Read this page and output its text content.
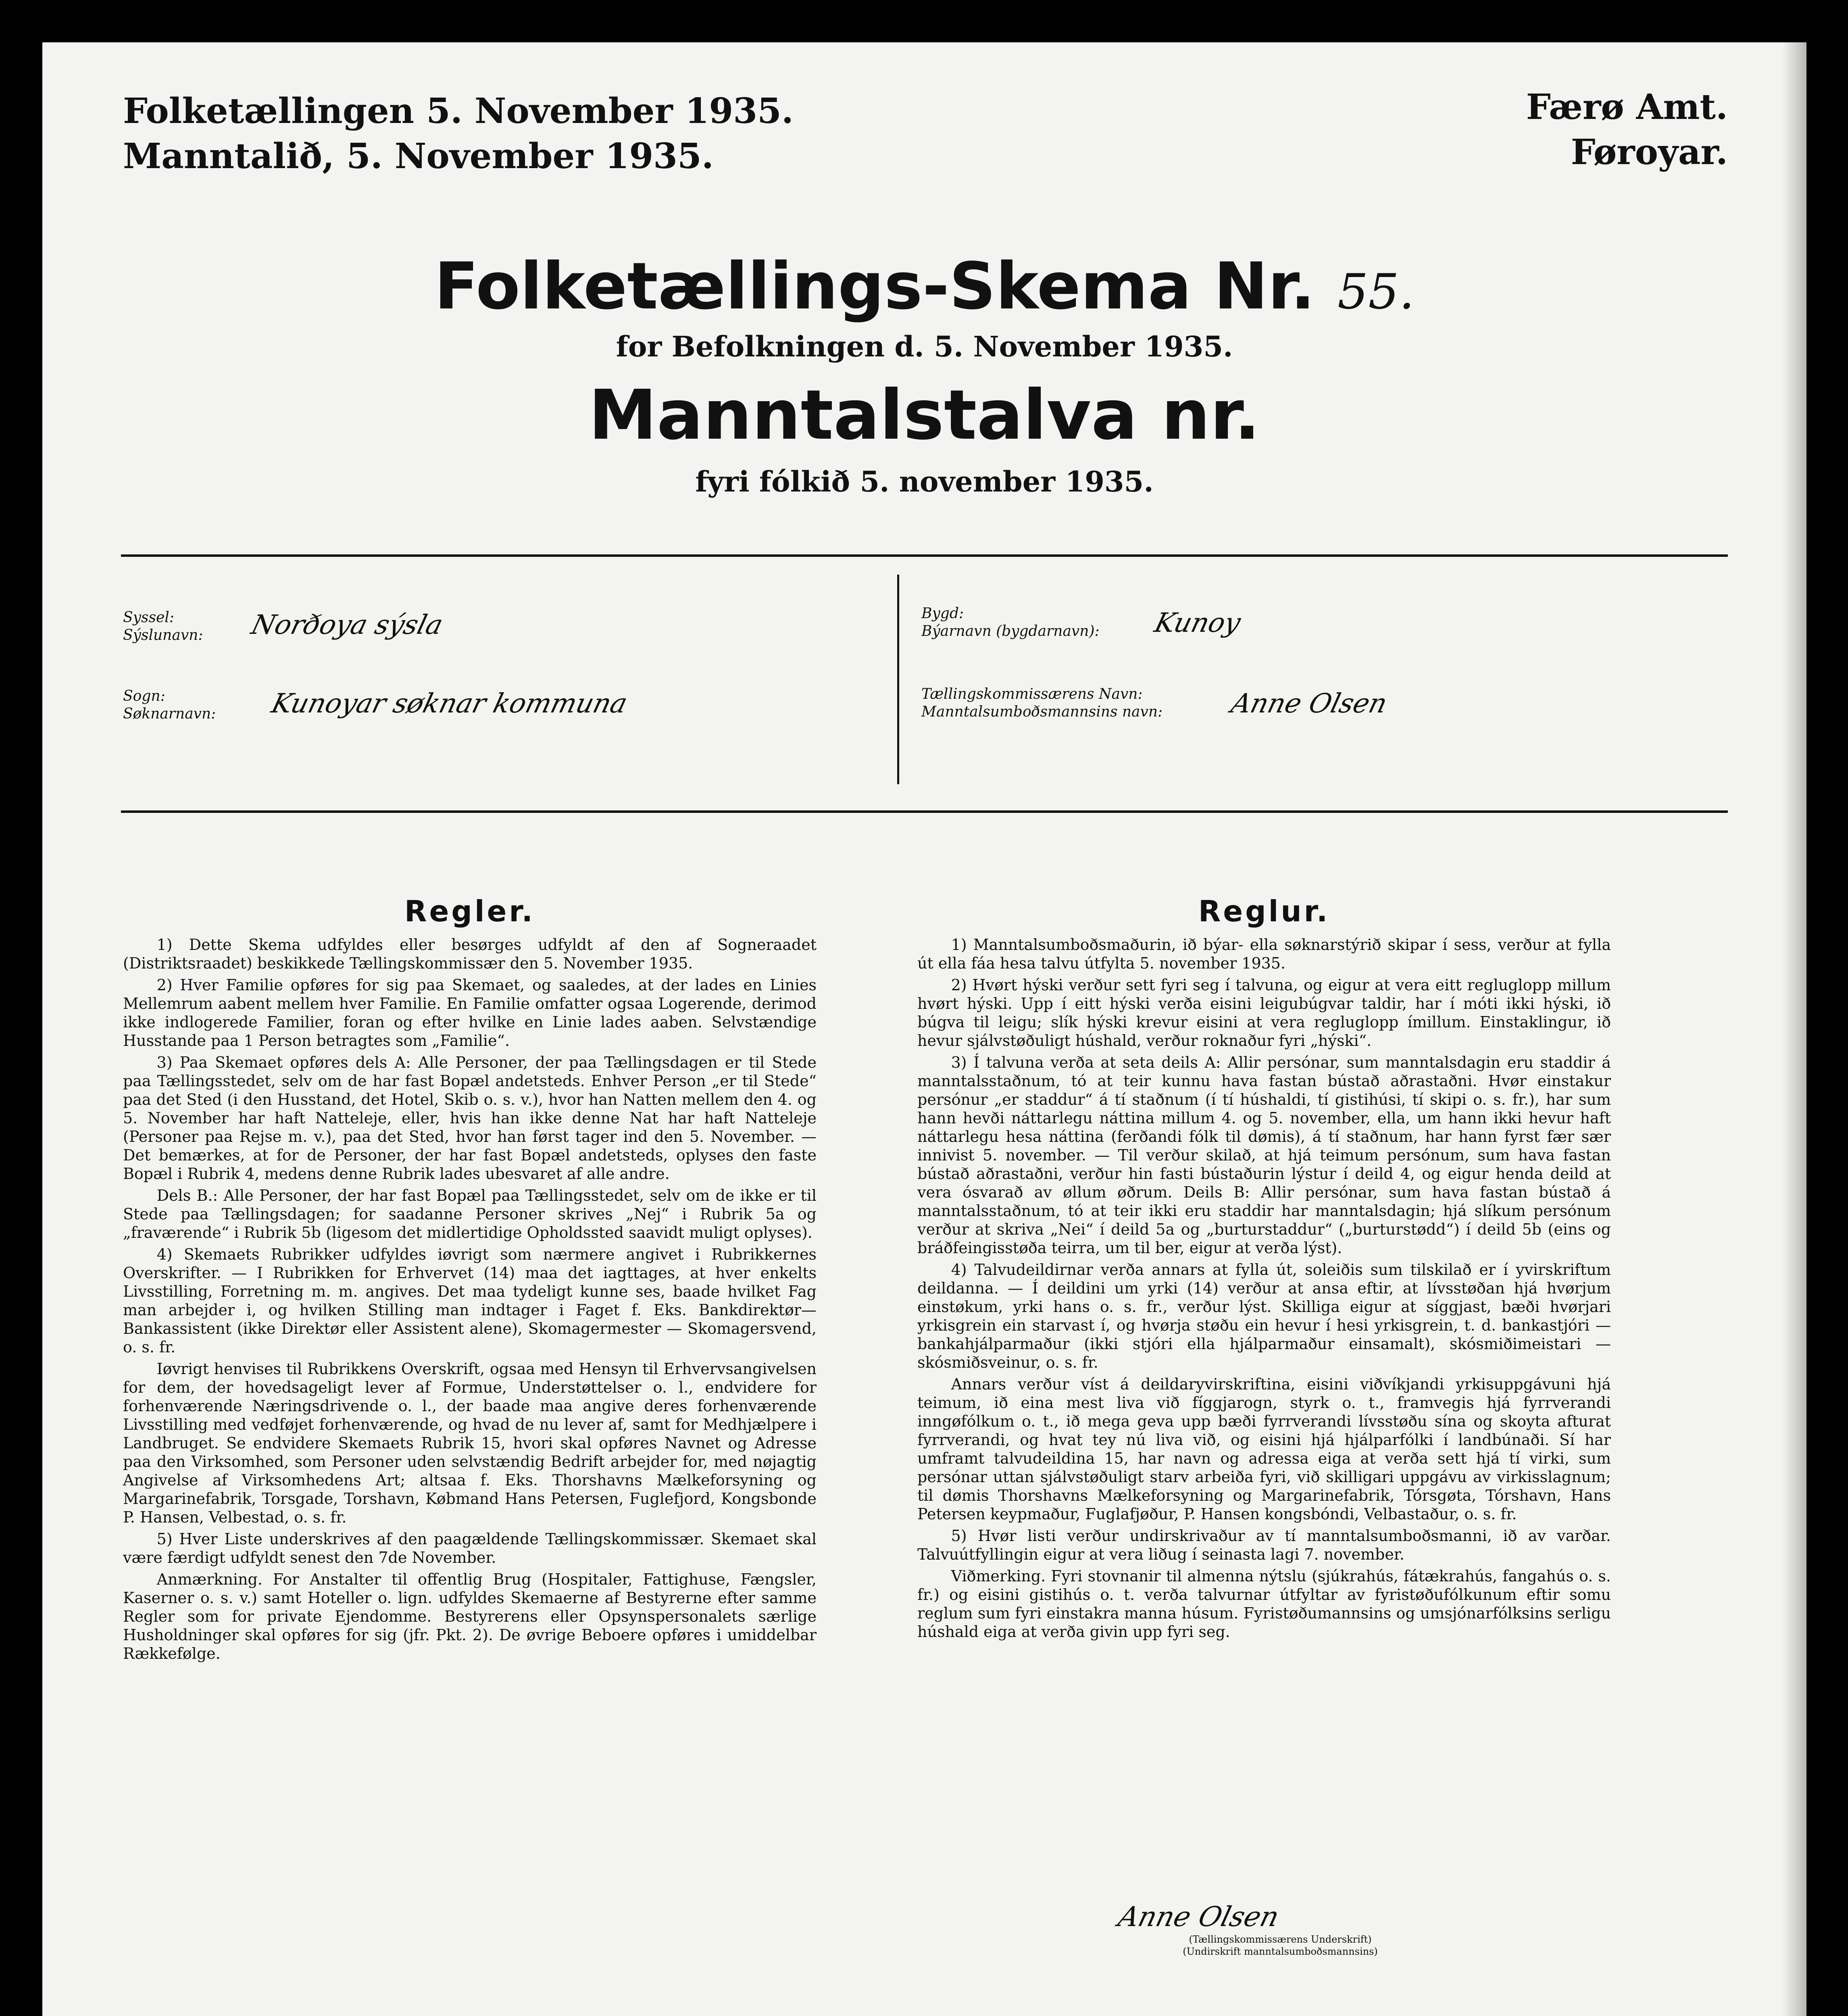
Folketællingen 5. November 1935.
Manntalið, 5. November 1935.
Færø Amt.
Føroyar.
Folketællings-Skema Nr. 55.
for Befolkningen d. 5. November 1935.
Manntalstalva nr.
fyri fólkið 5. november 1935.
Syssel:
Sýslunavn: Norðoya sýsla
Sogn:
Søknarnavn: Kunoyar søknar kommuna
Bygd:
Býarnavn (bygdarnavn): Kunoy
Tællingskommissærens Navn:
Manntalsumboðsmannsins navn: Anne Olsen
Regler.

1) Dette Skema udfyldes eller besørges udfyldt af den af Sogneraadet (Distriktsraadet) beskikkede Tællingskommissær den 5. November 1935.

2) Hver Familie opføres for sig paa Skemaet, og saaledes, at der lades en Linies Mellemrum aabent mellem hver Familie. En Familie omfatter ogsaa Logerende, derimod ikke indlogerede Familier, foran og efter hvilke en Linie lades aaben. Selvstændige Husstande paa 1 Person betragtes som „Familie“.

3) Paa Skemaet opføres dels A: Alle Personer, der paa Tællingsdagen er til Stede paa Tællingsstedet, selv om de har fast Bopæl andetsteds. Enhver Person „er til Stede“ paa det Sted (i den Husstand, det Hotel, Skib o. s. v.), hvor han Natten mellem den 4. og 5. November har haft Natteleje, eller, hvis han ikke denne Nat har haft Natteleje (Personer paa Rejse m. v.), paa det Sted, hvor han først tager ind den 5. November. — Det bemærkes, at for de Personer, der har fast Bopæl andetsteds, oplyses den faste Bopæl i Rubrik 4, medens denne Rubrik lades ubesvaret af alle andre.

Dels B.: Alle Personer, der har fast Bopæl paa Tællingsstedet, selv om de ikke er til Stede paa Tællingsdagen; for saadanne Personer skrives „Nej“ i Rubrik 5a og „fraværende“ i Rubrik 5b (ligesom det midlertidige Opholdssted saavidt muligt oplyses).

4) Skemaets Rubrikker udfyldes iøvrigt som nærmere angivet i Rubrikkernes Overskrifter. — I Rubrikken for Erhvervet (14) maa det iagttages, at hver enkelts Livsstilling, Forretning m. m. angives. Det maa tydeligt kunne ses, baade hvilket Fag man arbejder i, og hvilken Stilling man indtager i Faget f. Eks. Bankdirektør—Bankassistent (ikke Direktør eller Assistent alene), Skomagermester — Skomagersvend, o. s. fr.

Iøvrigt henvises til Rubrikkens Overskrift, ogsaa med Hensyn til Erhvervsangivelsen for dem, der hovedsageligt lever af Formue, Understøttelser o. l., endvidere for forhenværende Næringsdrivende o. l., der baade maa angive deres forhenværende Livsstilling med vedføjet forhenværende, og hvad de nu lever af, samt for Medhjælpere i Landbruget. Se endvidere Skemaets Rubrik 15, hvori skal opføres Navnet og Adresse paa den Virksomhed, som Personer uden selvstændig Bedrift arbejder for, med nøjagtig Angivelse af Virksomhedens Art; altsaa f. Eks. Thorshavns Mælkeforsyning og Margarinefabrik, Torsgade, Torshavn, Købmand Hans Petersen, Fuglefjord, Kongsbonde P. Hansen, Velbestad, o. s. fr.

5) Hver Liste underskrives af den paagældende Tællingskommissær. Skemaet skal være færdigt udfyldt senest den 7de November.

Anmærkning. For Anstalter til offentlig Brug (Hospitaler, Fattighuse, Fængsler, Kaserner o. s. v.) samt Hoteller o. lign. udfyldes Skemaerne af Bestyrerne efter samme Regler som for private Ejendomme. Bestyrerens eller Opsynspersonalets særlige Husholdninger skal opføres for sig (jfr. Pkt. 2). De øvrige Beboere opføres i umiddelbar Rækkefølge.

Reglur.

1) Manntalsumboðsmaðurin, ið býar- ella søknarstýrið skipar í sess, verður at fylla út ella fáa hesa talvu útfylta 5. november 1935.

2) Hvørt hýski verður sett fyri seg í talvuna, og eigur at vera eitt regluglopp millum hvørt hýski. Upp í eitt hýski verða eisini leigubúgvar taldir, har í móti ikki hýski, ið búgva til leigu; slík hýski krevur eisini at vera regluglopp ímillum. Einstaklingur, ið hevur sjálvstøðuligt húshald, verður roknaður fyri „hýski“.

3) Í talvuna verða at seta deils A: Allir persónar, sum manntalsdagin eru staddir á manntalsstaðnum, tó at teir kunnu hava fastan bústað aðrastaðni. Hvør einstakur persónur „er staddur“ á tí staðnum (í tí húshaldi, tí gistihúsi, tí skipi o. s. fr.), har sum hann hevði náttarlegu náttina millum 4. og 5. november, ella, um hann ikki hevur haft náttarlegu hesa náttina (ferðandi fólk til dømis), á tí staðnum, har hann fyrst fær sær innivist 5. november. — Til verður skilað, at hjá teimum persónum, sum hava fastan bústað aðrastaðni, verður hin fasti bústaðurin lýstur í deild 4, og eigur henda deild at vera ósvarað av øllum øðrum. Deils B: Allir persónar, sum hava fastan bústað á manntalsstaðnum, tó at teir ikki eru staddir har manntalsdagin; hjá slíkum persónum verður at skriva „Nei“ í deild 5a og „burturstaddur“ („burturstødd“) í deild 5b (eins og bráðfeingisstøða teirra, um til ber, eigur at verða lýst).

4) Talvudeildirnar verða annars at fylla út, soleiðis sum tilskilað er í yvirskriftum deildanna. — Í deildini um yrki (14) verður at ansa eftir, at lívsstøðan hjá hvørjum einstøkum, yrki hans o. s. fr., verður lýst. Skilliga eigur at síggjast, bæði hvørjari yrkisgrein ein starvast í, og hvørja støðu ein hevur í hesi yrkisgrein, t. d. bankastjóri — bankahjálparmaður (ikki stjóri ella hjálparmaður einsamalt), skósmiðimeistari — skósmiðsveinur, o. s. fr.

Annars verður víst á deildaryvirskriftina, eisini viðvíkjandi yrkisuppgávuni hjá teimum, ið eina mest liva við fíggjarogn, styrk o. t., framvegis hjá fyrrverandi inngøfólkum o. t., ið mega geva upp bæði fyrrverandi lívsstøðu sína og skoyta afturat fyrrverandi, og hvat tey nú liva við, og eisini hjá hjálparfólki í landbúnaði. Sí har umframt talvudeildina 15, har navn og adressa eiga at verða sett hjá tí virki, sum persónar uttan sjálvstøðuligt starv arbeiða fyri, við skilligari uppgávu av virkisslagnum; til dømis Thorshavns Mælkeforsyning og Margarinefabrik, Tórsgøta, Tórshavn, Hans Petersen keypmaður, Fuglafjøður, P. Hansen kongsbóndi, Velbastaður, o. s. fr.

5) Hvør listi verður undirskrivaður av tí manntalsumboðsmanni, ið av varðar. Talvuútfyllingin eigur at vera liðug í seinasta lagi 7. november.

Viðmerking. Fyri stovnanir til almenna nýtslu (sjúkrahús, fátækrahús, fangahús o. s. fr.) og eisini gistihús o. t. verða talvurnar útfyltar av fyristøðufólkunum eftir somu reglum sum fyri einstakra manna húsum. Fyristøðumannsins og umsjónarfólksins serligu húshald eiga at verða givin upp fyri seg.

Anne Olsen
(Tællingskommissærens Underskrift)
(Undirskrift manntalsumboðsmannsins)
